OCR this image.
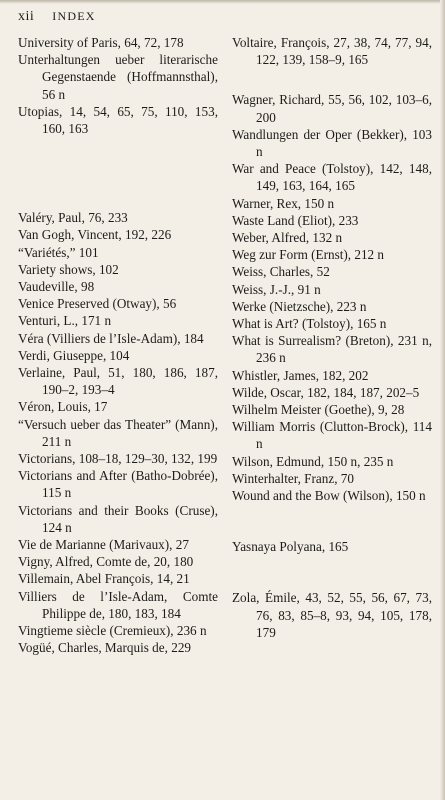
xii INDEX
University of Paris, 64, 72, 178
Unterhaltungen ueber literarische Gegenstaende (Hoffmannsthal), 56 n
Utopias, 14, 54, 65, 75, 110, 153, 160, 163
Valéry, Paul, 76, 233
Van Gogh, Vincent, 192, 226
“Variétés,” 101
Variety shows, 102
Vaudeville, 98
Venice Preserved (Otway), 56
Venturi, L., 171 n
Véra (Villiers de l’Isle-Adam), 184
Verdi, Giuseppe, 104
Verlaine, Paul, 51, 180, 186, 187, 190–2, 193–4
Véron, Louis, 17
“Versuch ueber das Theater” (Mann), 211 n
Victorians, 108–18, 129–30, 132, 199
Victorians and After (Batho-Dobrée), 115 n
Victorians and their Books (Cruse), 124 n
Vie de Marianne (Marivaux), 27
Vigny, Alfred, Comte de, 20, 180
Villemain, Abel François, 14, 21
Villiers de l’Isle-Adam, Comte Philippe de, 180, 183, 184
Vingtieme siècle (Cremieux), 236 n
Vogüé, Charles, Marquis de, 229
Voltaire, François, 27, 38, 74, 77, 94, 122, 139, 158–9, 165
Wagner, Richard, 55, 56, 102, 103–6, 200
Wandlungen der Oper (Bekker), 103 n
War and Peace (Tolstoy), 142, 148, 149, 163, 164, 165
Warner, Rex, 150 n
Waste Land (Eliot), 233
Weber, Alfred, 132 n
Weg zur Form (Ernst), 212 n
Weiss, Charles, 52
Weiss, J.-J., 91 n
Werke (Nietzsche), 223 n
What is Art? (Tolstoy), 165 n
What is Surrealism? (Breton), 231 n, 236 n
Whistler, James, 182, 202
Wilde, Oscar, 182, 184, 187, 202–5
Wilhelm Meister (Goethe), 9, 28
William Morris (Clutton-Brock), 114 n
Wilson, Edmund, 150 n, 235 n
Winterhalter, Franz, 70
Wound and the Bow (Wilson), 150 n
Yasnaya Polyana, 165
Zola, Émile, 43, 52, 55, 56, 67, 73, 76, 83, 85–8, 93, 94, 105, 178, 179
